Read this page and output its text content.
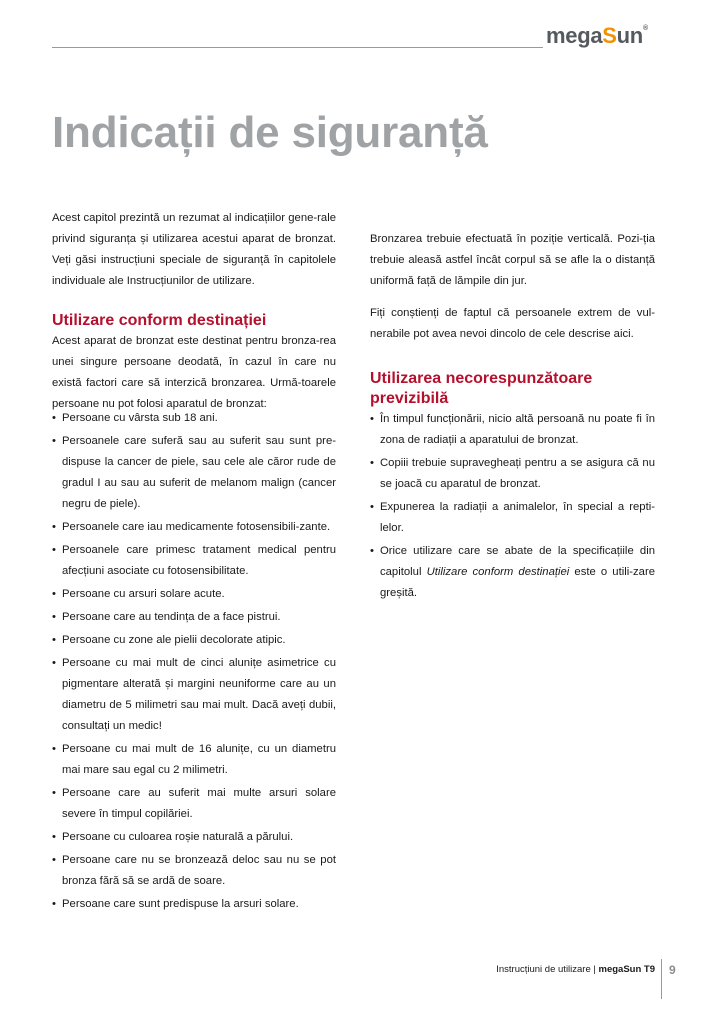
megaSun®
Indicații de siguranță

Acest capitol prezintă un rezumat al indicațiilor gene-rale privind siguranța și utilizarea acestui aparat de bronzat. Veți găsi instrucțiuni speciale de siguranță în capitolele individuale ale Instrucțiunilor de utilizare.

Utilizare conform destinației

Acest aparat de bronzat este destinat pentru bronza-rea unei singure persoane deodată, în cazul în care nu există factori care să interzică bronzarea. Urmă-toarele persoane nu pot folosi aparatul de bronzat:

• Persoane cu vârsta sub 18 ani.
• Persoanele care suferă sau au suferit sau sunt pre-dispuse la cancer de piele, sau cele ale căror rude de gradul I au sau au suferit de melanom malign (cancer negru de piele).
• Persoanele care iau medicamente fotosensibili-zante.
• Persoanele care primesc tratament medical pentru afecțiuni asociate cu fotosensibilitate.
• Persoane cu arsuri solare acute.
• Persoane care au tendința de a face pistrui.
• Persoane cu zone ale pielii decolorate atipic.
• Persoane cu mai mult de cinci alunițe asimetrice cu pigmentare alterată și margini neuniforme care au un diametru de 5 milimetri sau mai mult. Dacă aveți dubii, consultați un medic!
• Persoane cu mai mult de 16 alunițe, cu un diametru mai mare sau egal cu 2 milimetri.
• Persoane care au suferit mai multe arsuri solare severe în timpul copilăriei.
• Persoane cu culoarea roșie naturală a părului.
• Persoane care nu se bronzează deloc sau nu se pot bronza fără să se ardă de soare.
• Persoane care sunt predispuse la arsuri solare.

Bronzarea trebuie efectuată în poziție verticală. Pozi-ția trebuie aleasă astfel încât corpul să se afle la o distanță uniformă față de lămpile din jur.

Fiți conștienți de faptul că persoanele extrem de vul-nerabile pot avea nevoi dincolo de cele descrise aici.

Utilizarea necorespunzătoare previzibilă
• În timpul funcționării, nicio altă persoană nu poate fi în zona de radiații a aparatului de bronzat.
• Copiii trebuie supravegheați pentru a se asigura că nu se joacă cu aparatul de bronzat.
• Expunerea la radiații a animalelor, în special a repti-lelor.
• Orice utilizare care se abate de la specificațiile din capitolul Utilizare conform destinației este o utili-zare greșită.
Instrucțiuni de utilizare | megaSun T9 9
